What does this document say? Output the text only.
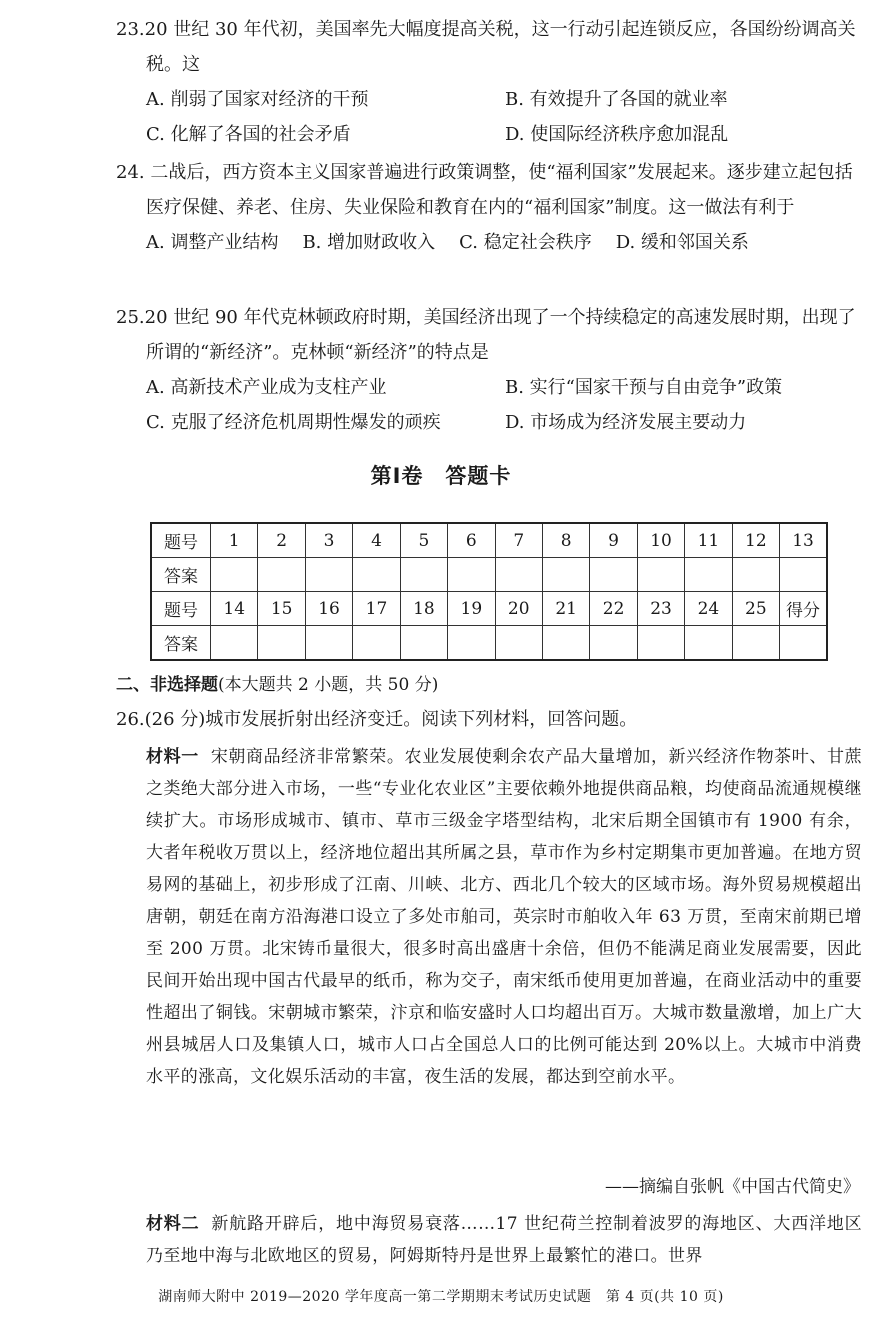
23.20 世纪 30 年代初，美国率先大幅度提高关税，这一行动引起连锁反应，各国纷纷调高关税。这

A. 削弱了国家对经济的干预	B. 有效提升了各国的就业率
C. 化解了各国的社会矛盾	D. 使国际经济秩序愈加混乱

24. 二战后，西方资本主义国家普遍进行政策调整，使“福利国家”发展起来。逐步建立起包括医疗保健、养老、住房、失业保险和教育在内的“福利国家”制度。这一做法有利于

A. 调整产业结构 B. 增加财政收入 C. 稳定社会秩序 D. 缓和邻国关系

25.20 世纪 90 年代克林顿政府时期，美国经济出现了一个持续稳定的高速发展时期，出现了所谓的“新经济”。克林顿“新经济”的特点是

A. 高新技术产业成为支柱产业	B. 实行“国家干预与自由竞争”政策
C. 克服了经济危机周期性爆发的顽疾	D. 市场成为经济发展主要动力
第Ⅰ卷　答题卡
题号	1	2	3	4	5	6	7	8	9	10	11	12	13
答案													
题号	14	15	16	17	18	19	20	21	22	23	24	25	得分
答案													
二、非选择题(本大题共 2 小题，共 50 分)
26.(26 分)城市发展折射出经济变迁。阅读下列材料，回答问题。
材料一 宋朝商品经济非常繁荣。农业发展使剩余农产品大量增加，新兴经济作物茶叶、甘蔗之类绝大部分进入市场，一些“专业化农业区”主要依赖外地提供商品粮，均使商品流通规模继续扩大。市场形成城市、镇市、草市三级金字塔型结构，北宋后期全国镇市有 1900 有余，大者年税收万贯以上，经济地位超出其所属之县，草市作为乡村定期集市更加普遍。在地方贸易网的基础上，初步形成了江南、川峡、北方、西北几个较大的区域市场。海外贸易规模超出唐朝，朝廷在南方沿海港口设立了多处市舶司，英宗时市舶收入年 63 万贯，至南宋前期已增至 200 万贯。北宋铸币量很大，很多时高出盛唐十余倍，但仍不能满足商业发展需要，因此民间开始出现中国古代最早的纸币，称为交子，南宋纸币使用更加普遍，在商业活动中的重要性超出了铜钱。宋朝城市繁荣，汴京和临安盛时人口均超出百万。大城市数量激增，加上广大州县城居人口及集镇人口，城市人口占全国总人口的比例可能达到 20%以上。大城市中消费水平的涨高，文化娱乐活动的丰富，夜生活的发展，都达到空前水平。
——摘编自张帆《中国古代简史》
材料二 新航路开辟后，地中海贸易衰落……17 世纪荷兰控制着波罗的海地区、大西洋地区乃至地中海与北欧地区的贸易，阿姆斯特丹是世界上最繁忙的港口。世界
湖南师大附中 2019—2020 学年度高一第二学期期末考试历史试题　第 4 页(共 10 页)
